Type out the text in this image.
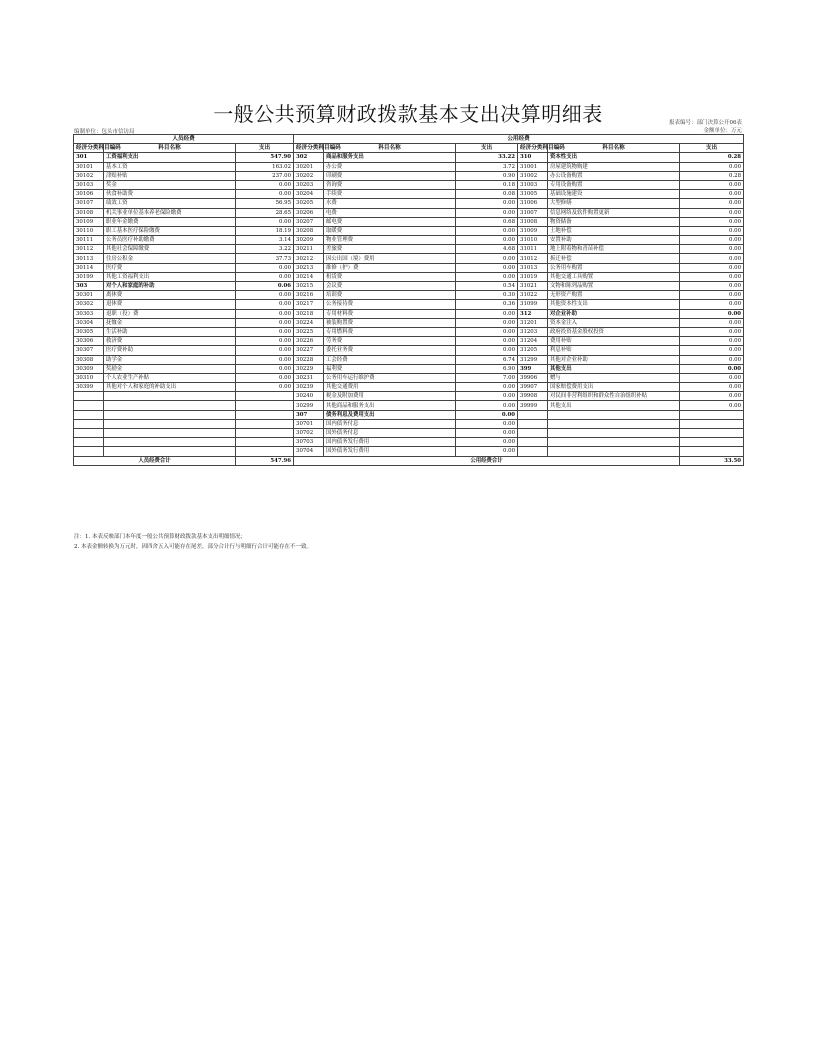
一般公共预算财政拨款基本支出决算明细表	报表编号：部门决算公开06表
金额单位：万元
编制单位：包头市信访局
人员经费			公用经费					
经济分类科目编码	科目名称	支出	经济分类科目编码	科目名称	支出	经济分类科目编码	科目名称	支出
301	工资福利支出	547.90	302	商品和服务支出	33.22	310	资本性支出	0.28
30101	基本工资	163.02	30201	办公费	3.72	31001	房屋建筑物购建	0.00
30102	津贴补贴	237.00	30202	印刷费	0.90	31002	办公设备购置	0.28
30103	奖金	0.00	30203	咨询费	0.18	31003	专用设备购置	0.00
30106	伙食补助费	0.00	30204	手续费	0.08	31005	基础设施建设	0.00
30107	绩效工资	56.95	30205	水费	0.00	31006	大型修缮	0.00
30108	机关事业单位基本养老保险缴费	28.65	30206	电费	0.00	31007	信息网络及软件购置更新	0.00
30109	职业年金缴费	0.00	30207	邮电费	0.68	31008	物资储备	0.00
30110	职工基本医疗保险缴费	18.19	30208	取暖费	0.00	31009	土地补偿	0.00
30111	公务员医疗补助缴费	3.14	30209	物业管理费	0.00	31010	安置补助	0.00
30112	其他社会保障缴费	3.22	30211	差旅费	4.68	31011	地上附着物和青苗补偿	0.00
30113	住房公积金	37.73	30212	因公出国（境）费用	0.00	31012	拆迁补偿	0.00
30114	医疗费	0.00	30213	维修（护）费	0.00	31013	公务用车购置	0.00
30199	其他工资福利支出	0.00	30214	租赁费	0.00	31019	其他交通工具购置	0.00
303	对个人和家庭的补助	0.06	30215	会议费	0.54	31021	文物和陈列品购置	0.00
30301	离休费	0.00	30216	培训费	0.30	31022	无形资产购置	0.00
30302	退休费	0.00	30217	公务接待费	0.36	31099	其他资本性支出	0.00
30303	退职（役）费	0.00	30218	专用材料费	0.00	312	对企业补助	0.00
30304	抚恤金	0.00	30224	被装购置费	0.00	31201	资本金注入	0.00
30305	生活补助	0.00	30225	专用燃料费	0.00	31203	政府投资基金股权投资	0.00
30306	救济费	0.00	30226	劳务费	0.00	31204	费用补贴	0.00
30307	医疗费补助	0.00	30227	委托业务费	0.00	31205	利息补贴	0.00
30308	助学金	0.00	30228	工会经费	6.74	31299	其他对企业补助	0.00
30309	奖励金	0.00	30229	福利费	6.90	399	其他支出	0.00
30310	个人农业生产补贴	0.00	30231	公务用车运行维护费	7.00	39906	赠与	0.00
30399	其他对个人和家庭的补助支出	0.00	30239	其他交通费用	0.00	39907	国家赔偿费用支出	0.00
			30240	税金及附加费用	0.00	39908	对民间非营利组织和群众性自治组织补贴	0.00
			30299	其他商品和服务支出	0.00	39999	其他支出	0.00
			307	债务利息及费用支出	0.00			
			30701	国内债务付息	0.00			
			30702	国外债务付息	0.00			
			30703	国内债务发行费用	0.00			
			30704	国外债务发行费用	0.00			
人员经费合计		547.96	公用经费合计					33.50
注：1. 本表反映部门本年度一般公共预算财政拨款基本支出明细情况；
2. 本表金额转换为万元时，因四舍五入可能存在尾差，部分合计行与明细行合计可能存在不一致。
